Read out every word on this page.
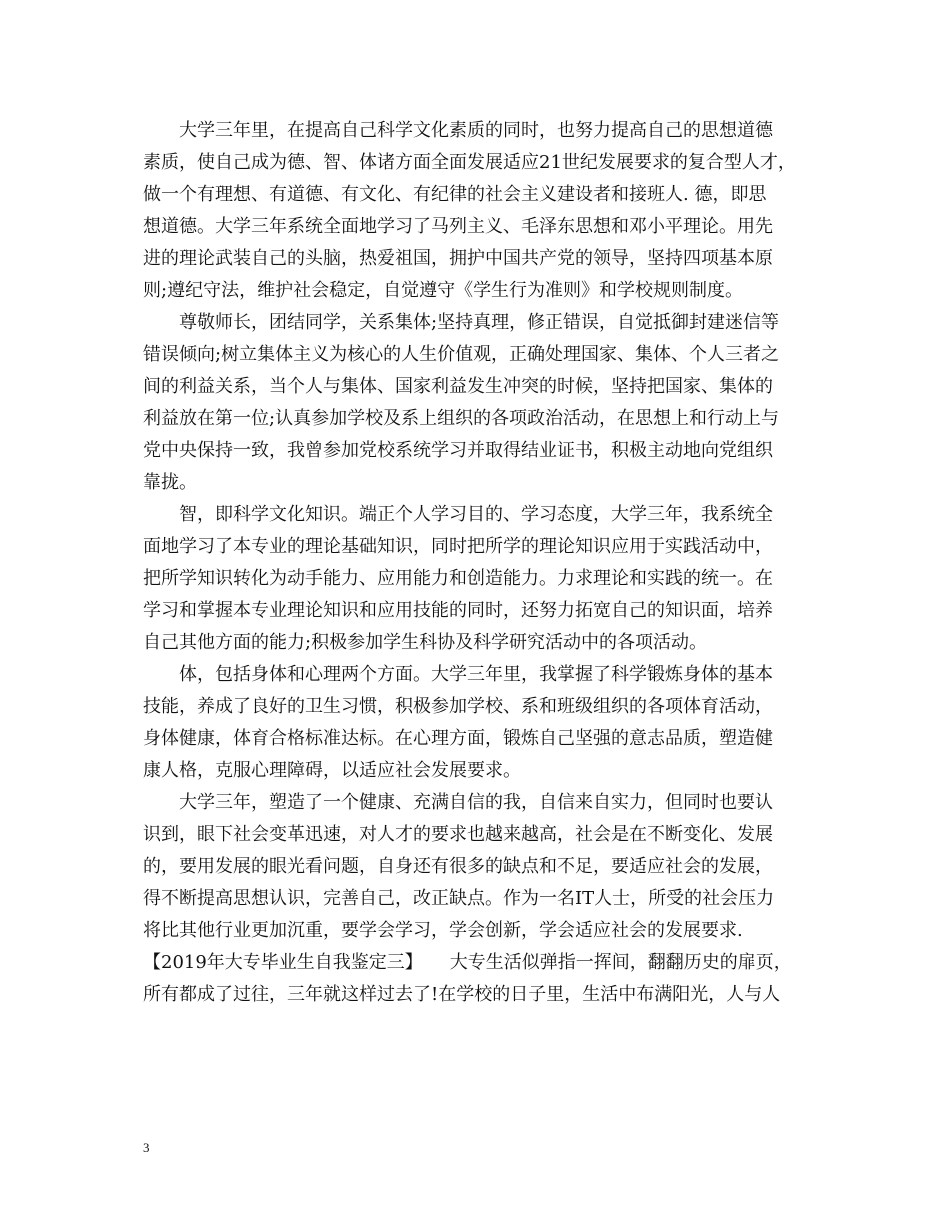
大学三年里，在提高自己科学文化素质的同时，也努力提高自己的思想道德
素质，使自己成为德、智、体诸方面全面发展适应21世纪发展要求的复合型人才，
做一个有理想、有道德、有文化、有纪律的社会主义建设者和接班人. 德，即思
想道德。大学三年系统全面地学习了马列主义、毛泽东思想和邓小平理论。用先
进的理论武装自己的头脑，热爱祖国，拥护中国共产党的领导，坚持四项基本原
则;遵纪守法，维护社会稳定，自觉遵守《学生行为准则》和学校规则制度。
尊敬师长，团结同学，关系集体;坚持真理，修正错误，自觉抵御封建迷信等
错误倾向;树立集体主义为核心的人生价值观，正确处理国家、集体、个人三者之
间的利益关系，当个人与集体、国家利益发生冲突的时候，坚持把国家、集体的
利益放在第一位;认真参加学校及系上组织的各项政治活动，在思想上和行动上与
党中央保持一致，我曾参加党校系统学习并取得结业证书，积极主动地向党组织
靠拢。
智，即科学文化知识。端正个人学习目的、学习态度，大学三年，我系统全
面地学习了本专业的理论基础知识，同时把所学的理论知识应用于实践活动中，
把所学知识转化为动手能力、应用能力和创造能力。力求理论和实践的统一。在
学习和掌握本专业理论知识和应用技能的同时，还努力拓宽自己的知识面，培养
自己其他方面的能力;积极参加学生科协及科学研究活动中的各项活动。
体，包括身体和心理两个方面。大学三年里，我掌握了科学锻炼身体的基本
技能，养成了良好的卫生习惯，积极参加学校、系和班级组织的各项体育活动，
身体健康，体育合格标准达标。在心理方面，锻炼自己坚强的意志品质，塑造健
康人格，克服心理障碍，以适应社会发展要求。
大学三年，塑造了一个健康、充满自信的我，自信来自实力，但同时也要认
识到，眼下社会变革迅速，对人才的要求也越来越高，社会是在不断变化、发展
的，要用发展的眼光看问题，自身还有很多的缺点和不足，要适应社会的发展，
得不断提高思想认识，完善自己，改正缺点。作为一名IT人士，所受的社会压力
将比其他行业更加沉重，要学会学习，学会创新，学会适应社会的发展要求.
【2019年大专毕业生自我鉴定三】　　大专生活似弹指一挥间，翻翻历史的扉页，
所有都成了过往，三年就这样过去了!在学校的日子里，生活中布满阳光，人与人
3
